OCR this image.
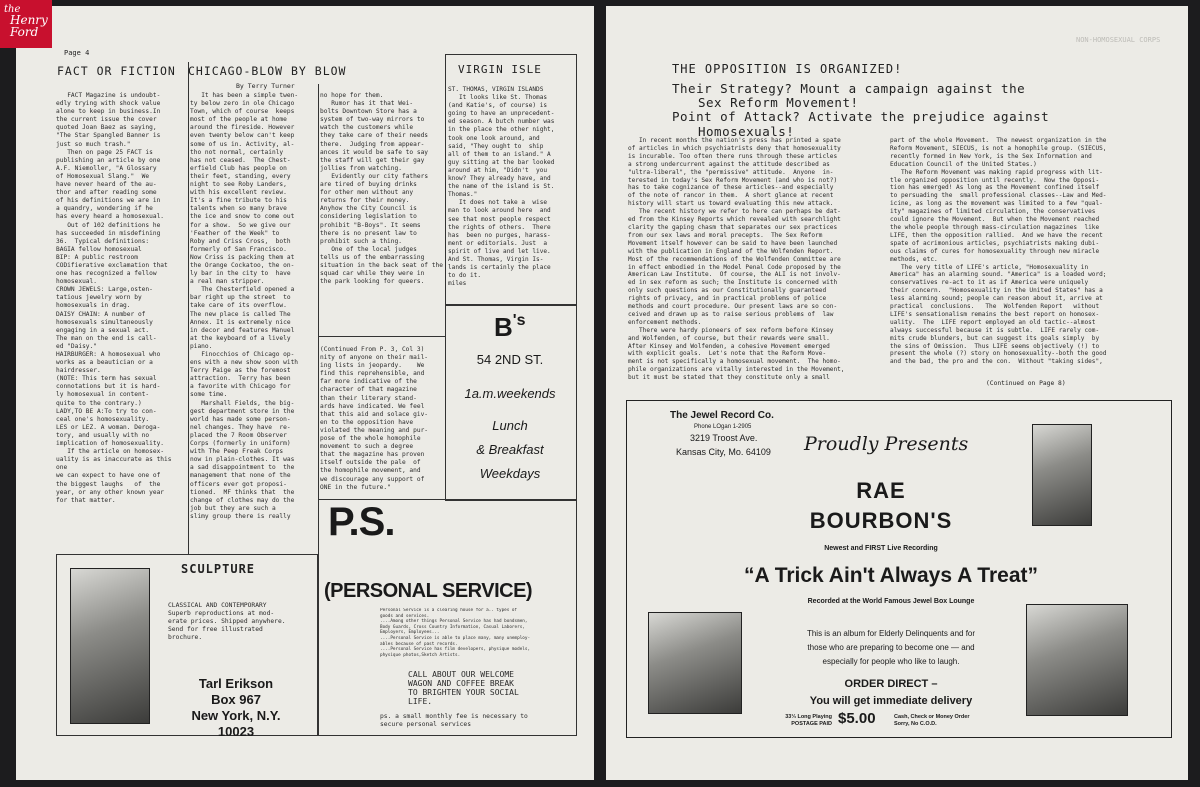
Page 4
FACT OR FICTION
FACT Magazine is undoubt-
edly trying with shock value
alone to keep in business.In
the current issue the cover
quoted Joan Baez as saying,
"The Star Spangled Banner is
just so much trash."
Then on page 25 FACT is
publishing an article by one
A.F. Niemoller, "A Glossary
of Homosexual Slang."  We
have never heard of the au-
thor and after reading some
of his definitions we are in
a quandry, wondering if he
has every heard a homosexual.
Out of 102 definitions he
has succeeded in misdefining
36.  Typical definitions:
BAGIA fellow homosexual
BIP: A public restroom
CODifierative exclamation that
one has recognized a fellow
homosexual.
CROWN JEWELS: Large,osten-
tatious jewelry worn by
homosexuals in drag.
DAISY CHAIN: A number of
homosexuals simultaneously
engaging in a sexual act.
The man on the end is call-
ed "Daisy."
HAIRBURGER: A homosexual who
works as a beautician or a
hairdresser.
(NOTE: This term has sexual
connotations but it is hard-
ly homosexual in content-
quite to the contrary.)
LADY,TO BE A:To try to con-
ceal one's homosexuality.
LES or LEZ. A woman. Deroga-
tory, and usually with no
implication of homosexuality.
If the article on homosex-
uality is as inaccurate as this one
we can expect to have one of
the biggest laughs   of  the
year, or any other known year
for that matter.
CHICAGO-BLOW BY BLOW
By Terry Turner
It has been a simple twen-
ty below zero in ole Chicago
Town, which of course  keeps
most of the people at home
around the fireside. However
even twenty below can't keep
some of us in. Activity, al-
tho not normal, certainly
has not ceased.  The Chest-
erfield Club has people on
their feet, standing, every
night to see Roby Landers,
with his excellent review.
It's a fine tribute to his
talents when so many brave
the ice and snow to come out
for a show.  So we give our
'Feather of the Week" to
Roby and Criss Cross,  both
formerly of San Francisco.
Now Criss is packing them at
the Orange Cockatoo, the on-
ly bar in the city to  have
a real man stripper.
The Chesterfield opened a
bar right up the street  to
take care of its overflow.
The new place is called The
Annex. It is extremely nice
in decor and features Manuel
at the keyboard of a lively
piano.
Finocchios of Chicago op-
ens with a new show soon with
Terry Paige as the foremost
attraction.  Terry has been
a favorite with Chicago for
some time.
Marshall Fields, the big-
gest department store in the
world has made some person-
nel changes. They have  re-
placed the 7 Room Observer
Corps (formerly in uniform)
with The Peep Freak Corps
now in plain-clothes. It was
a sad disappointment to  the
management that none of the
officers ever got proposi-
tioned.  MF thinks that  the
change of clothes may do the
job but they are such a
slimy group there is really
no hope for them.
Rumor has it that Wei-
bolts Downtown Store has a
system of two-way mirrors to
watch the customers while
they take care of their needs
there.  Judging from appear-
ances it would be safe to say
the staff will get their gay
jollies from watching.
Evidently our city fathers
are tired of buying drinks
for other men without any
returns for their money.
Anyhow the City Council is
considering legislation to
prohibit "B-Boys". It seems
there is no present law to
prohibit such a thing.
One of the local judges
tells us of the embarrassing
situation in the back seat of the
squad car while they were in
the park looking for queers.
(Continued From P. 3, Col 3)
nity of anyone on their mail-
ing lists in jeopardy.    We
find this reprehensible, and
far more indicative of the
character of that magazine
than their literary stand-
ards have indicated. We feel
that this aid and solace giv-
en to the opposition have
violated the meaning and pur-
pose of the whole homophile
movement to such a degree
that the magazine has proven
itself outside the pale  of
the homophile movement, and
we discourage any support of
ONE in the future."
VIRGIN ISLE
ST. THOMAS, VIRGIN ISLANDS
It looks like St. Thomas
(and Katie's, of course) is
going to have an unprecedent-
ed season. A butch number was
in the place the other night,
took one look around, and
said, "They ought to  ship
all of them to an island." A
guy sitting at the bar looked
around at him, "Didn't  you
know? They already have, and
the name of the island is St.
Thomas."
It does not take a  wise
man to look around here  and
see that most people respect
the rights of others.  There
has  been no purges, harass-
ment or editorials. Just  a
spirit of live and let live.
And St. Thomas, Virgin Is-
lands is certainly the place
to do it.
miles
$B^{'s}$
54 2ND ST.
1a.m.weekends
Lunch
& Breakfast
Weekdays
SCULPTURE
CLASSICAL AND CONTEMPORARY
Superb reproductions at mod-
erate prices. Shipped anywhere.
Send for free illustrated
brochure.
Tarl Erikson
Box 967
New York, N.Y.
10023
P.S.
(PERSONAL SERVICE)
Personal Service is a clearing house for a.. types of
goods and services.
....Among other things Personal Service has had bondsmen,
Body Guards, Cross Country Information, Casual Laborers,
Employers, Employees...
....Personal Service is able to place many, many unemploy-
ables because of past records.
....Personal Service has film developers, physique models,
physique photos,Sketch Artists.
CALL ABOUT OUR WELCOME
WAGON AND COFFEE BREAK
TO BRIGHTEN YOUR SOCIAL
LIFE.
ps. a small monthly fee is necessary to
secure personal services
NON-HOMOSEXUAL CORPS
THE OPPOSITION IS ORGANIZED!
Their Strategy? Mount a campaign against the
Sex Reform Movement!
Point of Attack? Activate the prejudice against
Homosexuals!
In recent months the nation's press has printed a spate
of articles in which psychiatrists deny that homosexuality
is incurable. Too often there runs through these articles
a strong undercurrent against the attitude described as
"ultra-liberal", the "permissive" attitude.  Anyone  in-
terested in today's Sex Reform Movement (and who is not?)
has to take cognizance of these articles--and especially
of the note of rancor in them.  A short glance at recent
history will start us toward evaluating this new attack.
The recent history we refer to here can perhaps be dat-
ed from the Kinsey Reports which revealed with searchlight
clarity the gaping chasm that separates our sex practices
from our sex laws and moral precepts.  The Sex Reform
Movement itself however can be said to have been launched
with the publication in England of the Wolfenden Report.
Most of the recommendations of the Wolfenden Committee are
in effect embodied in the Model Penal Code proposed by the
American Law Institute.  Of course, the ALI is not involv-
ed in sex reform as such; the Institute is concerned with
only such questions as our Constitutionally guaranteed
rights of privacy, and in practical problems of police
methods and court procedure. Our present laws are so con-
ceived and drawn up as to raise serious problems of  law
enforcement methods.
There were hardy pioneers of sex reform before Kinsey
and Wolfenden, of course, but their rewards were small.
After Kinsey and Wolfenden, a cohesive Movement emerged
with explicit goals.  Let's note that the Reform Move-
ment is not specifically a homosexual movement.  The homo-
phile organizations are vitally interested in the Movement,
but it must be stated that they constitute only a small
part of the whole Movement.  The newest organization in the
Reform Movement, SIECUS, is not a homophile group. (SIECUS,
recently formed in New York, is the Sex Information and
Education Council of the United States.)
The Reform Movement was making rapid progress with lit-
tle organized opposition until recently.  Now the Opposi-
tion has emerged! As long as the Movement confined itself
to persuading the  small professional classes--Law and Med-
icine, as long as the movement was limited to a few "qual-
ity" magazines of limited circulation, the conservatives
could ignore the Movement.  But when the Movement reached
the whole people through mass-circulation magazines  like
LIFE, then the opposition rallied.  And we have the recent
spate of acrimonious articles, psychiatrists making dubi-
ous claims of cures for homosexuality through new miracle
methods, etc.
The very title of LIFE's article, "Homosexuality in
America" has an alarming sound. "America" is a loaded word;
conservatives re-act to it as if America were uniquely
their concern.  "Homosexuality in the United States" has a
less alarming sound; people can reason about it, arrive at
practical  conclusions.   The  Wolfenden Report   without
LIFE's sensationalism remains the best report on homosex-
uality.  The  LIFE report employed an old tactic--almost
always successful because it is subtle.  LIFE rarely com-
mits crude blunders, but can suggest its goals simply  by
the sins of Omission.  Thus LIFE seems objectively (!) to
present the whole (?) story on homosexuality--both the good
and the bad, the pro and the con.  Without "taking sides",
(Continued on Page 8)
The Jewel Record Co.
Phone LOgan 1-2905
3219 Troost Ave.
Kansas City, Mo. 64109 Proudly Presents
RAE
BOURBON'S
Newest and FIRST Live Recording
“A Trick Ain't Always A Treat”
Recorded at the World Famous Jewel Box Lounge
This is an album for Elderly Delinquents and for
those who are preparing to become one — and
especially for people who like to laugh.
ORDER DIRECT –
You will get immediate delivery
33⅓ Long Playing
POSTAGE PAID $5.00	Cash, Check or Money Order
Sorry, No C.O.D.
the
Henry
Ford
